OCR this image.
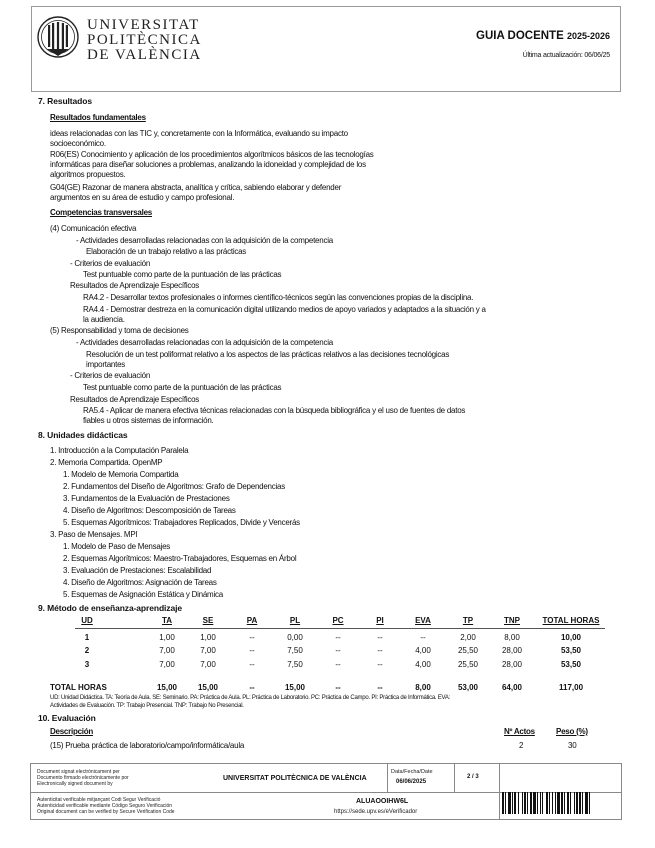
UNIVERSITAT
POLITÈCNICA
DE VALÈNCIA
GUIA DOCENTE 2025-2026
Última actualización: 06/06/25
7. Resultados
Resultados fundamentales
ideas relacionadas con las TIC y, concretamente con la Informática, evaluando su impacto
socioeconómico.
R06(ES) Conocimiento y aplicación de los procedimientos algorítmicos básicos de las tecnologías
informáticas para diseñar soluciones a problemas, analizando la idoneidad y complejidad de los
algoritmos propuestos.
G04(GE) Razonar de manera abstracta, analítica y crítica, sabiendo elaborar y defender
argumentos en su área de estudio y campo profesional.
Competencias transversales
(4) Comunicación efectiva
- Actividades desarrolladas relacionadas con la adquisición de la competencia
Elaboración de un trabajo relativo a las prácticas
- Criterios de evaluación
Test puntuable como parte de la puntuación de las prácticas
Resultados de Aprendizaje Específicos
RA4.2 - Desarrollar textos profesionales o informes científico-técnicos según las convenciones propias de la disciplina.
RA4.4 - Demostrar destreza en la comunicación digital utilizando medios de apoyo variados y adaptados a la situación y a
la audiencia.
(5) Responsabilidad y toma de decisiones
- Actividades desarrolladas relacionadas con la adquisición de la competencia
Resolución de un test poliformat relativo a los aspectos de las prácticas relativos a las decisiones tecnológicas
importantes
- Criterios de evaluación
Test puntuable como parte de la puntuación de las prácticas
Resultados de Aprendizaje Específicos
RA5.4 - Aplicar de manera efectiva técnicas relacionadas con la búsqueda bibliográfica y el uso de fuentes de datos
fiables u otros sistemas de información.
8. Unidades didácticas
1. Introducción a la Computación Paralela
2. Memoria Compartida. OpenMP
1. Modelo de Memoria Compartida
2. Fundamentos del Diseño de Algoritmos: Grafo de Dependencias
3. Fundamentos de la Evaluación de Prestaciones
4. Diseño de Algoritmos: Descomposición de Tareas
5. Esquemas Algorítmicos: Trabajadores Replicados, Divide y Vencerás
3. Paso de Mensajes. MPI
1. Modelo de Paso de Mensajes
2. Esquemas Algorítmicos: Maestro-Trabajadores, Esquemas en Árbol
3. Evaluación de Prestaciones: Escalabilidad
4. Diseño de Algoritmos: Asignación de Tareas
5. Esquemas de Asignación Estática y Dinámica
9. Método de enseñanza-aprendizaje
UD	TA	SE	PA	PL	PC	PI	EVA	TP	TNP	TOTAL HORAS
1	1,00	1,00	--	0,00	--	--	--	2,00	8,00	10,00
2	7,00	7,00	--	7,50	--	--	4,00	25,50	28,00	53,50
3	7,00	7,00	--	7,50	--	--	4,00	25,50	28,00	53,50
TOTAL HORAS	15,00	15,00	--	15,00	--	--	8,00	53,00	64,00	117,00
UD: Unidad Didáctica. TA: Teoría de Aula. SE: Seminario. PA: Práctica de Aula. PL: Práctica de Laboratorio. PC: Práctica de Campo. PI: Práctica de Informática. EVA:
Actividades de Evaluación. TP: Trabajo Presencial. TNP: Trabajo No Presencial.
10. Evaluación
Descripción	Nº Actos	Peso (%)
(15) Prueba práctica de laboratorio/campo/informática/aula	2	30
Document signat electrònicament per
Documento firmado electrónicamente por
Electronically signed document by
UNIVERSITAT POLITÈCNICA DE VALÈNCIA
Data/Fecha/Date
06/06/2025
2 / 3
Autenticitat verificable mitjançant Codi Segur Verificació
Autenticidad verificable mediante Código Seguro Verificación
Original document can be verified by Secure Verification Code
ALUAOOIHW6L
https://sede.upv.es/eVerificador
